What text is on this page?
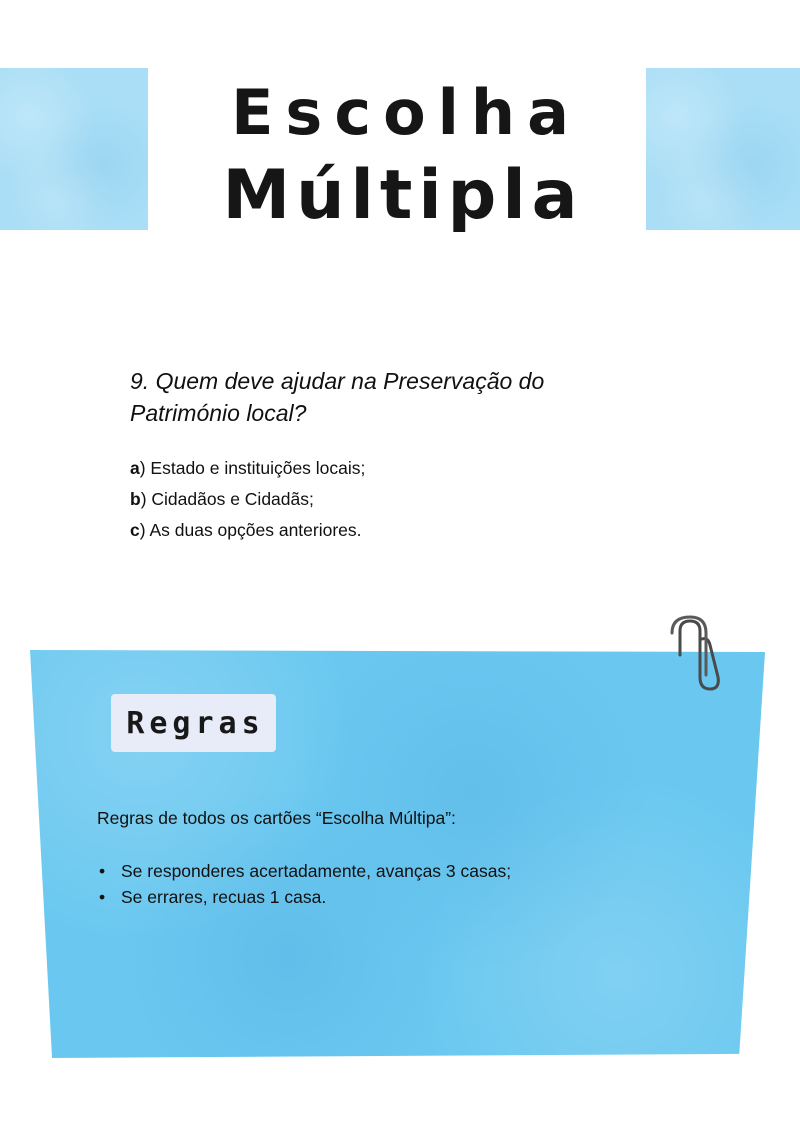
Escolha
Múltipla
9. Quem deve ajudar na Preservação do Património local?
a) Estado e instituições locais;
b) Cidadãos e Cidadãs;
c) As duas opções anteriores.
Regras
Regras de todos os cartões “Escolha Múltipa”:
• Se responderes acertadamente, avanças 3 casas;
• Se errares, recuas 1 casa.
